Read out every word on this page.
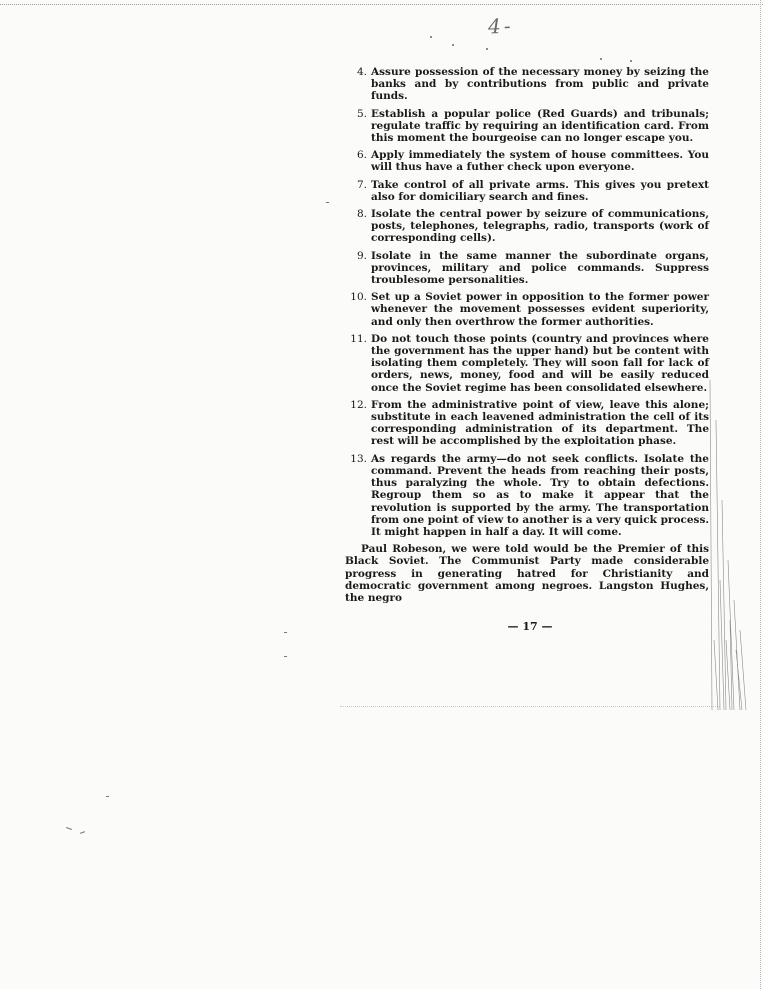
4-
4. Assure possession of the necessary money by seizing the banks and by contributions from public and private funds.
5. Establish a popular police (Red Guards) and tribunals; regulate traffic by requiring an identification card. From this moment the bourgeoise can no longer escape you.
6. Apply immediately the system of house committees. You will thus have a futher check upon everyone.
7. Take control of all private arms. This gives you pretext also for domiciliary search and fines.
8. Isolate the central power by seizure of communications, posts, telephones, telegraphs, radio, transports (work of corresponding cells).
9. Isolate in the same manner the subordinate organs, provinces, military and police commands. Suppress troublesome personalities.
10. Set up a Soviet power in opposition to the former power whenever the movement possesses evident superiority, and only then overthrow the former authorities.
11. Do not touch those points (country and provinces where the government has the upper hand) but be content with isolating them completely. They will soon fall for lack of orders, news, money, food and will be easily reduced once the Soviet regime has been consolidated elsewhere.
12. From the administrative point of view, leave this alone; substitute in each leavened administration the cell of its corresponding administration of its department. The rest will be accomplished by the exploitation phase.
13. As regards the army—do not seek conflicts. Isolate the command. Prevent the heads from reaching their posts, thus paralyzing the whole. Try to obtain defections. Regroup them so as to make it appear that the revolution is supported by the army. The transportation from one point of view to another is a very quick process. It might happen in half a day. It will come.
Paul Robeson, we were told would be the Premier of this Black Soviet. The Communist Party made considerable progress in generating hatred for Christianity and democratic government among negroes. Langston Hughes, the negro
— 17 —
